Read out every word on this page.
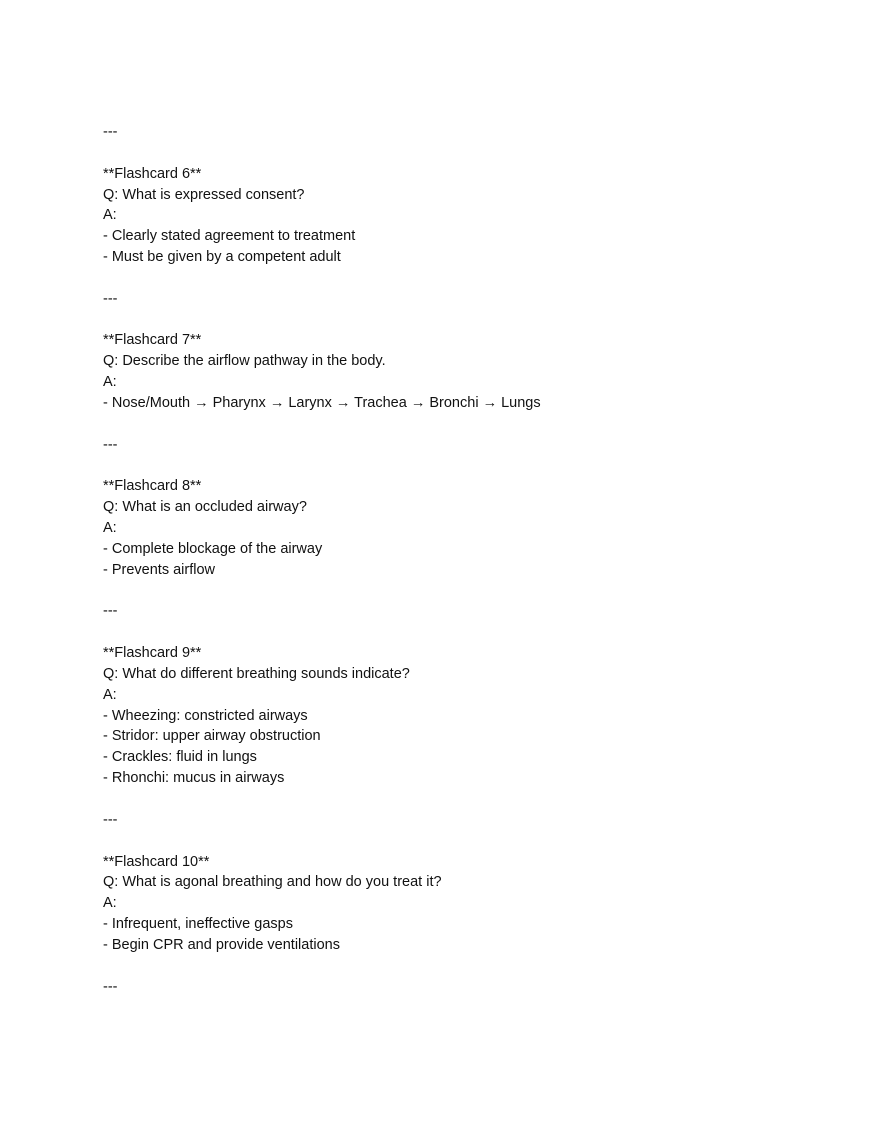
---
**Flashcard 6**
Q: What is expressed consent?
A:
- Clearly stated agreement to treatment
- Must be given by a competent adult
---
**Flashcard 7**
Q: Describe the airflow pathway in the body.
A:
- Nose/Mouth → Pharynx → Larynx → Trachea → Bronchi → Lungs
---
**Flashcard 8**
Q: What is an occluded airway?
A:
- Complete blockage of the airway
- Prevents airflow
---
**Flashcard 9**
Q: What do different breathing sounds indicate?
A:
- Wheezing: constricted airways
- Stridor: upper airway obstruction
- Crackles: fluid in lungs
- Rhonchi: mucus in airways
---
**Flashcard 10**
Q: What is agonal breathing and how do you treat it?
A:
- Infrequent, ineffective gasps
- Begin CPR and provide ventilations
---
